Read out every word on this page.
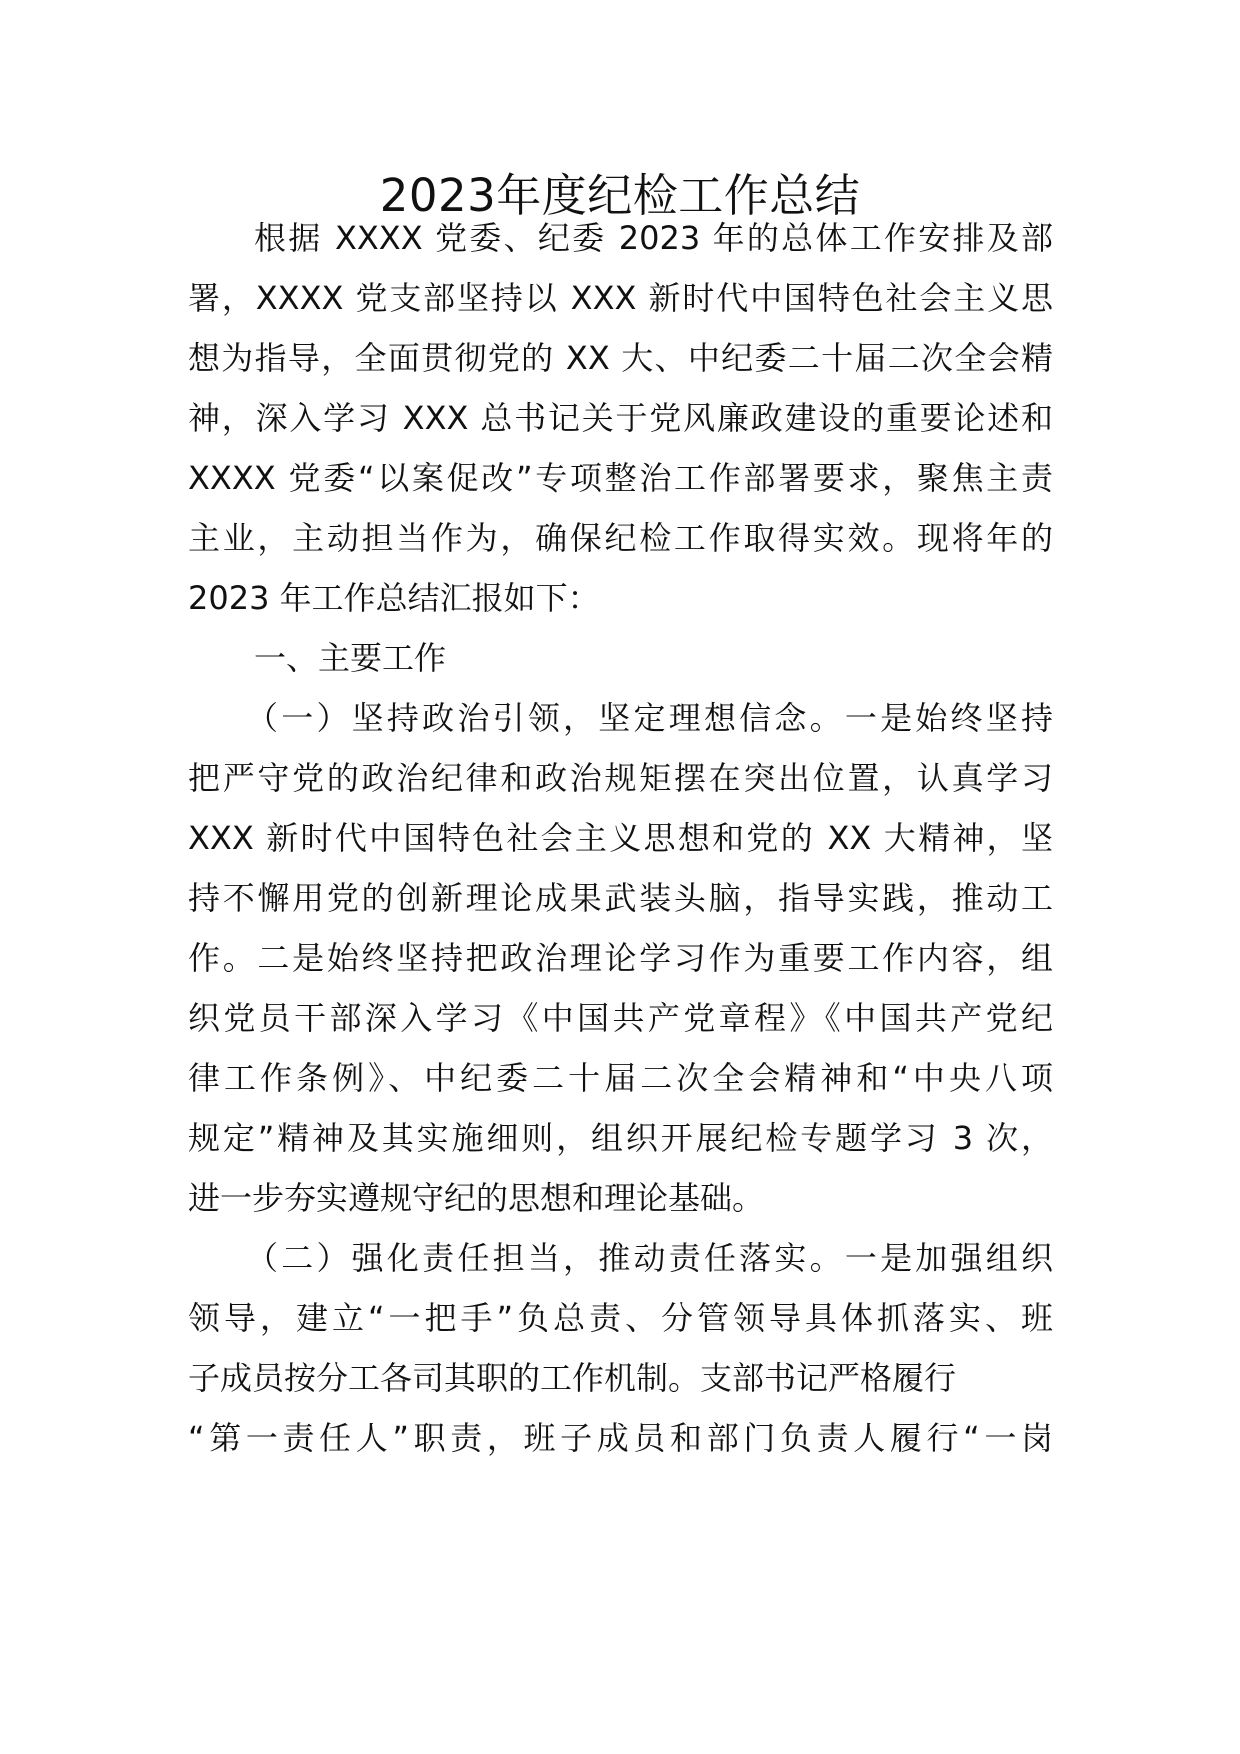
2023年度纪检工作总结
根据 XXXX 党委、纪委 2023 年的总体工作安排及部
署，XXXX 党支部坚持以 XXX 新时代中国特色社会主义思
想为指导，全面贯彻党的 XX 大、中纪委二十届二次全会精
神，深入学习 XXX 总书记关于党风廉政建设的重要论述和
XXXX 党委“以案促改”专项整治工作部署要求，聚焦主责
主业，主动担当作为，确保纪检工作取得实效。现将年的
2023 年工作总结汇报如下：
一、主要工作
（一）坚持政治引领，坚定理想信念。一是始终坚持
把严守党的政治纪律和政治规矩摆在突出位置，认真学习
XXX 新时代中国特色社会主义思想和党的 XX 大精神，坚
持不懈用党的创新理论成果武装头脑，指导实践，推动工
作。二是始终坚持把政治理论学习作为重要工作内容，组
织党员干部深入学习《中国共产党章程》《中国共产党纪
律工作条例》、中纪委二十届二次全会精神和“中央八项
规定”精神及其实施细则，组织开展纪检专题学习 3 次，
进一步夯实遵规守纪的思想和理论基础。
（二）强化责任担当，推动责任落实。一是加强组织
领导，建立“一把手”负总责、分管领导具体抓落实、班
子成员按分工各司其职的工作机制。支部书记严格履行
“第一责任人”职责，班子成员和部门负责人履行“一岗
